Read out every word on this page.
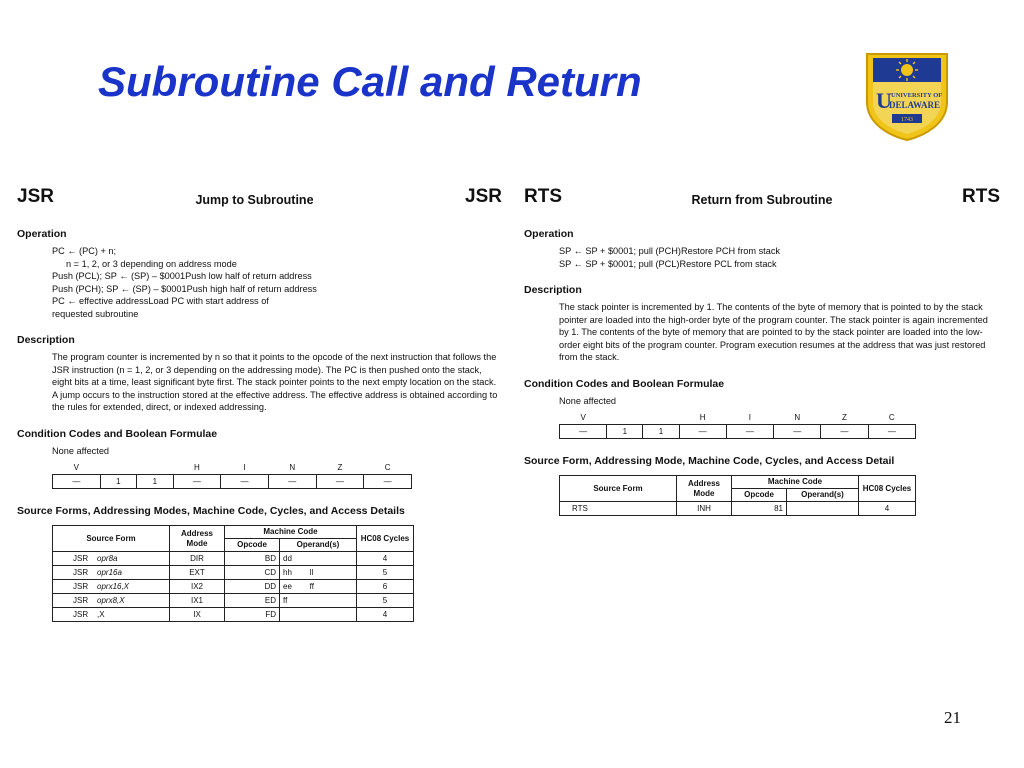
Subroutine Call and Return	U UNIVERSITY OF
DELAWARE
1743
JSR	Jump to Subroutine	JSR
Operation
PC ← (PC) + n;
n = 1, 2, or 3 depending on address mode
Push (PCL); SP ← (SP) – $0001Push low half of return address
Push (PCH); SP ← (SP) – $0001Push high half of return address
PC ← effective addressLoad PC with start address of
requested subroutine
Description
The program counter is incremented by n so that it points to the opcode of the next instruction that follows the JSR instruction (n = 1, 2, or 3 depending on the addressing mode). The PC is then pushed onto the stack, eight bits at a time, least significant byte first. The stack pointer points to the next empty location on the stack. A jump occurs to the instruction stored at the effective address. The effective address is obtained according to the rules for extended, direct, or indexed addressing.
Condition Codes and Boolean Formulae
None affected
V			H	I	N	Z	C
—	1	1	—	—	—	—	—
Source Forms, Addressing Modes, Machine Code, Cycles, and Access Details
Source Form	Address Mode	Machine Code		HC08 Cycles
		Opcode	Operand(s)	
JSR opr8a	DIR	BD	dd	4
JSR opr16a	EXT	CD	hh        ll	5
JSR oprx16,X	IX2	DD	ee        ff	6
JSR oprx8,X	IX1	ED	ff	5
JSR ,X	IX	FD		4
RTS	Return from Subroutine	RTS
Operation
SP ← SP + $0001; pull (PCH)Restore PCH from stack
SP ← SP + $0001; pull (PCL)Restore PCL from stack
Description
The stack pointer is incremented by 1. The contents of the byte of memory that is pointed to by the stack pointer are loaded into the high-order byte of the program counter. The stack pointer is again incremented by 1. The contents of the byte of memory that are pointed to by the stack pointer are loaded into the low-order eight bits of the program counter. Program execution resumes at the address that was just restored from the stack.
Condition Codes and Boolean Formulae
None affected
V			H	I	N	Z	C
—	1	1	—	—	—	—	—
Source Form, Addressing Mode, Machine Code, Cycles, and Access Detail
Source Form	Address Mode	Machine Code		HC08 Cycles
		Opcode	Operand(s)	
RTS	INH	81		4
21
